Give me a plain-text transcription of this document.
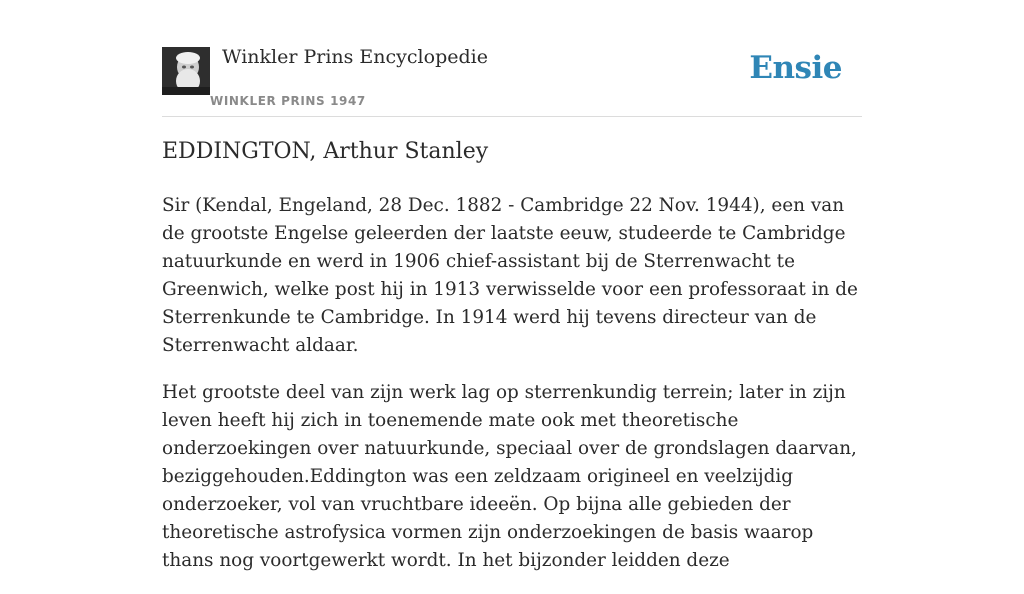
Winkler Prins Encyclopedie
WINKLER PRINS 1947
Ensie
EDDINGTON, Arthur Stanley

Sir (Kendal, Engeland, 28 Dec. 1882 - Cambridge 22 Nov. 1944), een van de grootste Engelse geleerden der laatste eeuw, studeerde te Cambridge natuurkunde en werd in 1906 chief-assistant bij de Sterrenwacht te Greenwich, welke post hij in 1913 verwisselde voor een professoraat in de Sterrenkunde te Cambridge. In 1914 werd hij tevens directeur van de Sterrenwacht aldaar.

Het grootste deel van zijn werk lag op sterrenkundig terrein; later in zijn leven heeft hij zich in toenemende mate ook met theoretische onderzoekingen over natuurkunde, speciaal over de grondslagen daarvan, beziggehouden.Eddington was een zeldzaam origineel en veelzijdig onderzoeker, vol van vruchtbare ideeën. Op bijna alle gebieden der theoretische astrofysica vormen zijn onderzoekingen de basis waarop thans nog voortgewerkt wordt. In het bijzonder leidden deze
